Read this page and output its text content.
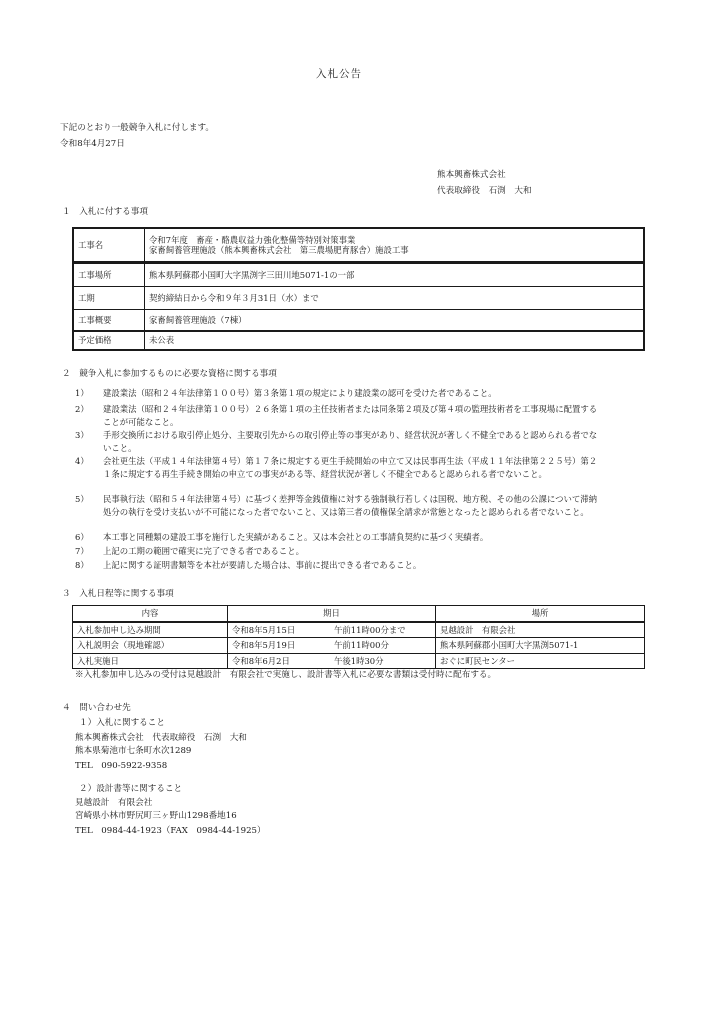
入札公告
下記のとおり一般競争入札に付します。
令和8年4月27日
熊本興畜株式会社
代表取締役　石渕　大和
１　入札に付する事項
工事名	令和7年度　畜産・酪農収益力強化整備等特別対策事業
家畜飼養管理施設（熊本興畜株式会社　第三農場肥育豚舎）施設工事

工事場所	熊本県阿蘇郡小国町大字黒渕字三田川地5071-1の一部
工期	契約締結日から令和９年３月31日（水）まで
工事概要	家畜飼養管理施設（7棟）
予定価格	未公表
２　競争入札に参加するものに必要な資格に関する事項
1）	建設業法（昭和２４年法律第１００号）第３条第１項の規定により建設業の認可を受けた者であること。
2）	建設業法（昭和２４年法律第１００号）２６条第１項の主任技術者または同条第２項及び第４項の監理技術者を工事現場に配置することが可能なこと。
3）	手形交換所における取引停止処分、主要取引先からの取引停止等の事実があり、経営状況が著しく不健全であると認められる者でないこと。
4）	会社更生法（平成１４年法律第４号）第１７条に規定する更生手続開始の申立て又は民事再生法（平成１１年法律第２２５号）第２１条に規定する再生手続き開始の申立ての事実がある等、経営状況が著しく不健全であると認められる者でないこと。
5）	民事執行法（昭和５４年法律第４号）に基づく差押等金銭債権に対する強制執行若しくは国税、地方税、その他の公課について滞納処分の執行を受け支払いが不可能になった者でないこと、又は第三者の債権保全請求が常態となったと認められる者でないこと。
6）	本工事と同種類の建設工事を施行した実績があること。又は本会社との工事請負契約に基づく実績者。
7）	上記の工期の範囲で確実に完了できる者であること。
8）	上記に関する証明書類等を本社が要請した場合は、事前に提出できる者であること。
３　入札日程等に関する事項
内容	期日		場所
入札参加申し込み期間	令和8年5月15日	午前11時00分まで	見越設計　有限会社
入札説明会（現地確認）	令和8年5月19日	午前11時00分	熊本県阿蘇郡小国町大字黒渕5071-1
入札実施日	令和8年6月2日	午後1時30分	おぐに町民センター
※入札参加申し込みの受付は見越設計　有限会社で実施し、設計書等入札に必要な書類は受付時に配布する。
４　問い合わせ先
１）入札に関すること
熊本興畜株式会社　代表取締役　石渕　大和
熊本県菊池市七条町水次1289
TEL　090-5922-9358
２）設計書等に関すること
見越設計　有限会社
宮崎県小林市野尻町三ヶ野山1298番地16
TEL　0984-44-1923（FAX　0984-44-1925）
